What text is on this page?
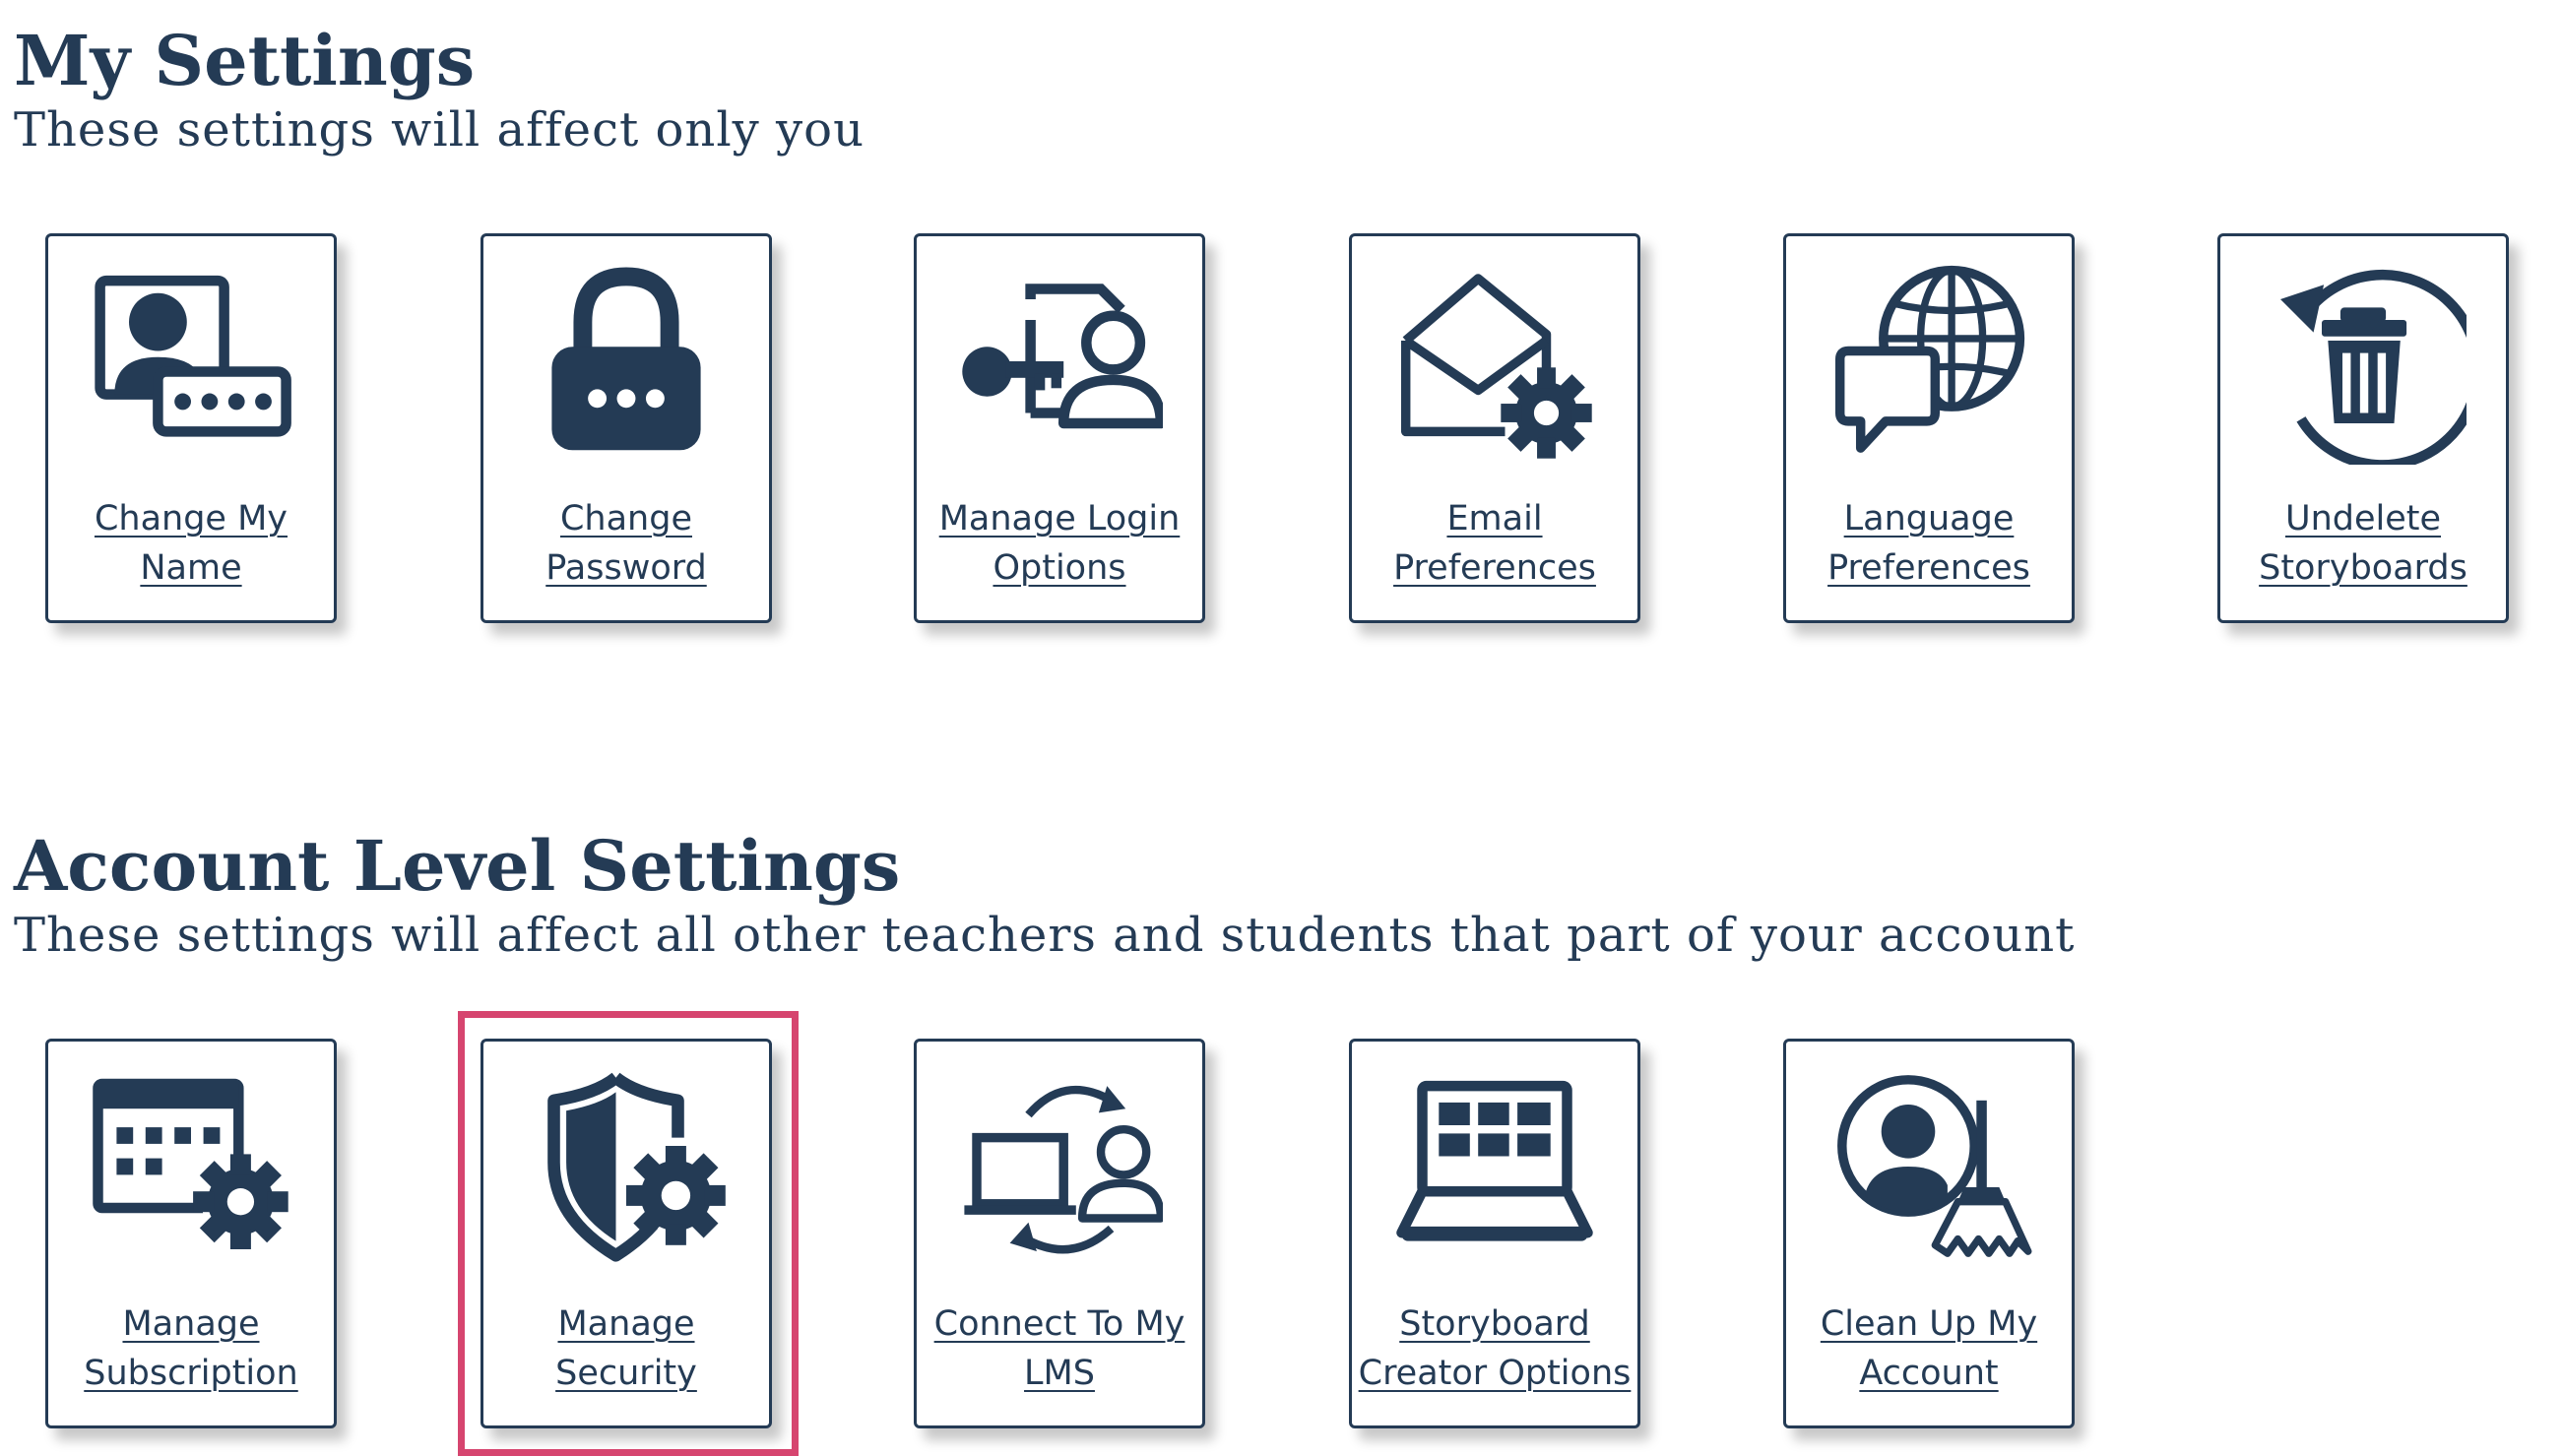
My Settings

These settings will affect only you

Change My
Name
Change
Password
Manage Login
Options
Email
Preferences
Language
Preferences
Undelete
Storyboards
Account Level Settings

These settings will affect all other teachers and students that part of your account

Manage
Subscription
Manage
Security
Connect To My
LMS
Storyboard
Creator Options
Clean Up My
Account
